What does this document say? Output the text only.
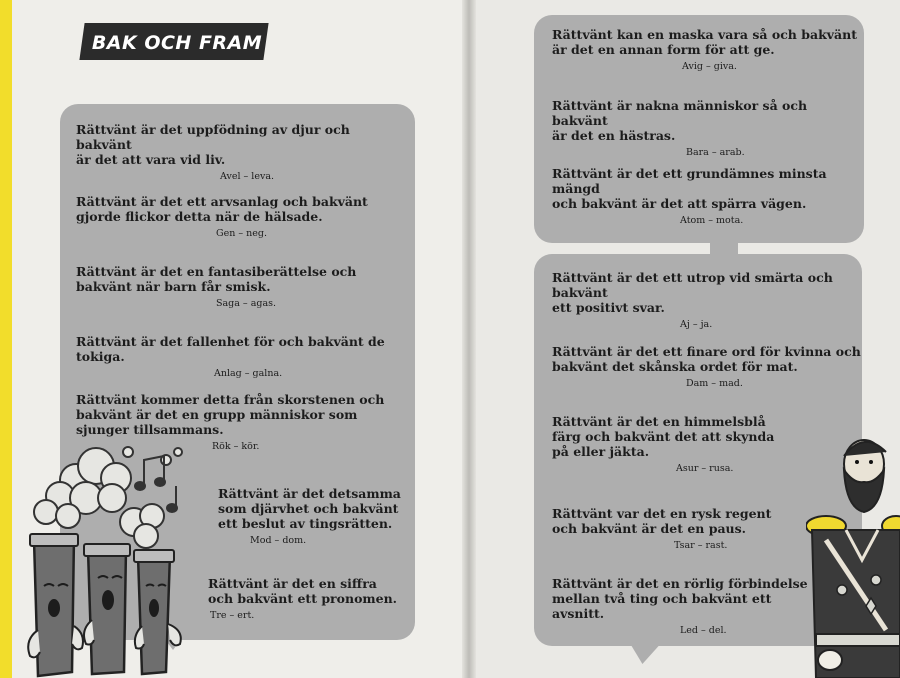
BAK OCH FRAM

Rättvänt är det uppfödning av djur och bakvänt
är det att vara vid liv.

Avel – leva.

Rättvänt är det ett arvsanlag och bakvänt
gjorde flickor detta när de hälsade.

Gen – neg.

Rättvänt är det en fantasiberättelse och
bakvänt när barn får smisk.

Saga – agas.

Rättvänt är det fallenhet för och bakvänt de tokiga.

Anlag – galna.

Rättvänt kommer detta från skorstenen och
bakvänt är det en grupp människor som
sjunger tillsammans.

Rök – kör.

Rättvänt är det detsamma
som djärvhet och bakvänt
ett beslut av tingsrätten.

Mod – dom.

Rättvänt är det en siffra
och bakvänt ett pronomen.

Tre – ert.

Rättvänt kan en maska vara så och bakvänt
är det en annan form för att ge.

Avig – giva.

Rättvänt är nakna människor så och bakvänt
är det en hästras.

Bara – arab.

Rättvänt är det ett grundämnes minsta mängd
och bakvänt är det att spärra vägen.

Atom – mota.

Rättvänt är det ett utrop vid smärta och bakvänt
ett positivt svar.

Aj – ja.

Rättvänt är det ett finare ord för kvinna och
bakvänt det skånska ordet för mat.

Dam – mad.

Rättvänt är det en himmelsblå
färg och bakvänt det att skynda
på eller jäkta.

Asur – rusa.

Rättvänt var det en rysk regent
och bakvänt är det en paus.

Tsar – rast.

Rättvänt är det en rörlig förbindelse
mellan två ting och bakvänt ett avsnitt.

Led – del.
